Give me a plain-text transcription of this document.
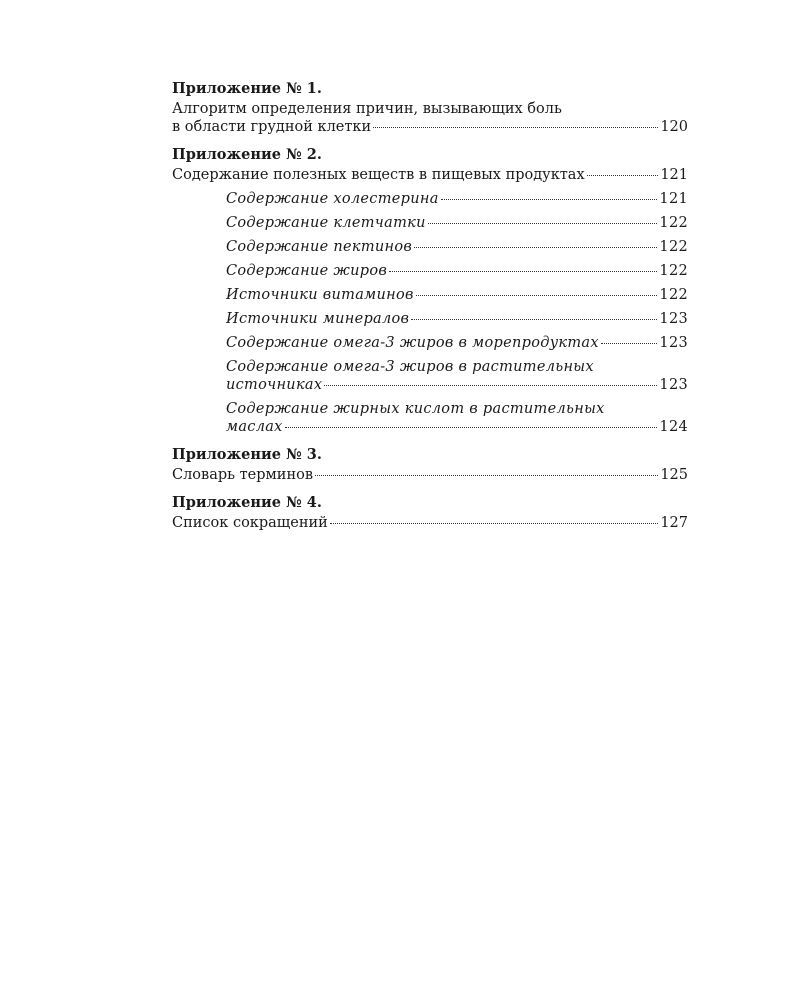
Приложение № 1.
Алгоритм определения причин, вызывающих боль
в области грудной клетки	120
Приложение № 2.
Содержание полезных веществ в пищевых продуктах	121
Содержание холестерина	121
Содержание клетчатки	122
Содержание пектинов	122
Содержание жиров	122
Источники витаминов	122
Источники минералов	123
Содержание омега-3 жиров в морепродуктах	123
Содержание омега-3 жиров в растительных
источниках	123
Содержание жирных кислот в растительных
маслах	124
Приложение № 3.
Словарь терминов	125
Приложение № 4.
Список сокращений	127
